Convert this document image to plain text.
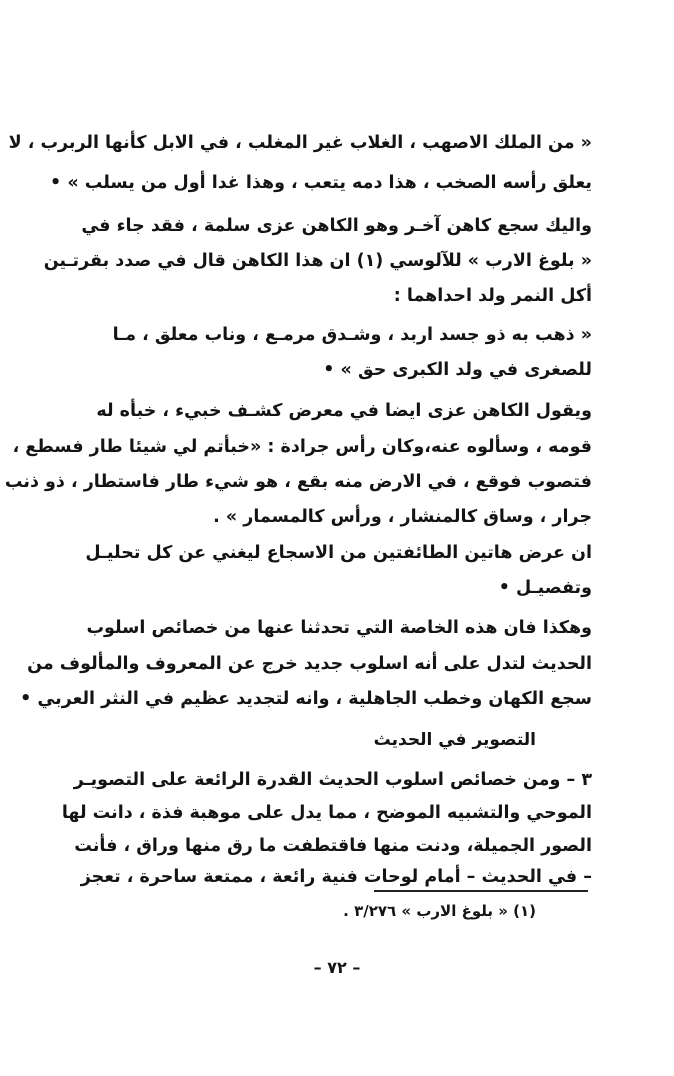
« من الملك الاصهب ، الغلاب غير المغلب ، في الابل كأنها الربرب ، لا
يعلق رأسه الصخب ، هذا دمه يتعب ، وهذا غدا أول من يسلب » •
واليك سجع كاهن آخـر وهو الكاهن عزى سلمة ، فقد جاء في
« بلوغ الارب » للآلوسي (١) ان هذا الكاهن قال في صدد بقرتـين
أكل النمر ولد احداهما :
« ذهب به ذو جسد اربد ، وشـدق مرمـع ، وناب معلق ، مـا
للصغرى في ولد الكبرى حق » •
ويقول الكاهن عزى ايضا في معرض كشـف خبيء ، خبأه له
قومه ، وسألوه عنه،وكان رأس جرادة : «خبأتم لي شيئا طار فسطع ،
فتصوب فوقع ، في الارض منه بقع ، هو شيء طار فاستطار ، ذو ذنب
جرار ، وساق كالمنشار ، ورأس كالمسمار » .
ان عرض هاتين الطائفتين من الاسجاع ليغني عن كل تحليـل
وتفصيـل •
وهكذا فان هذه الخاصة التي تحدثنا عنها من خصائص اسلوب
الحديث لتدل على أنه اسلوب جديد خرج عن المعروف والمألوف من
سجع الكهان وخطب الجاهلية ، وانه لتجديد عظيم في النثر العربي •
التصوير في الحديث
٣ – ومن خصائص اسلوب الحديث القدرة الرائعة على التصويـر
الموحي والتشبيه الموضح ، مما يدل على موهبة فذة ، دانت لها
الصور الجميلة، ودنت منها فاقتطفت ما رق منها وراق ، فأنت
– في الحديث – أمام لوحات فنية رائعة ، ممتعة ساحرة ، تعجز
(١) « بلوغ الارب » ٣/٢٧٦ .
– ٧٢ –
